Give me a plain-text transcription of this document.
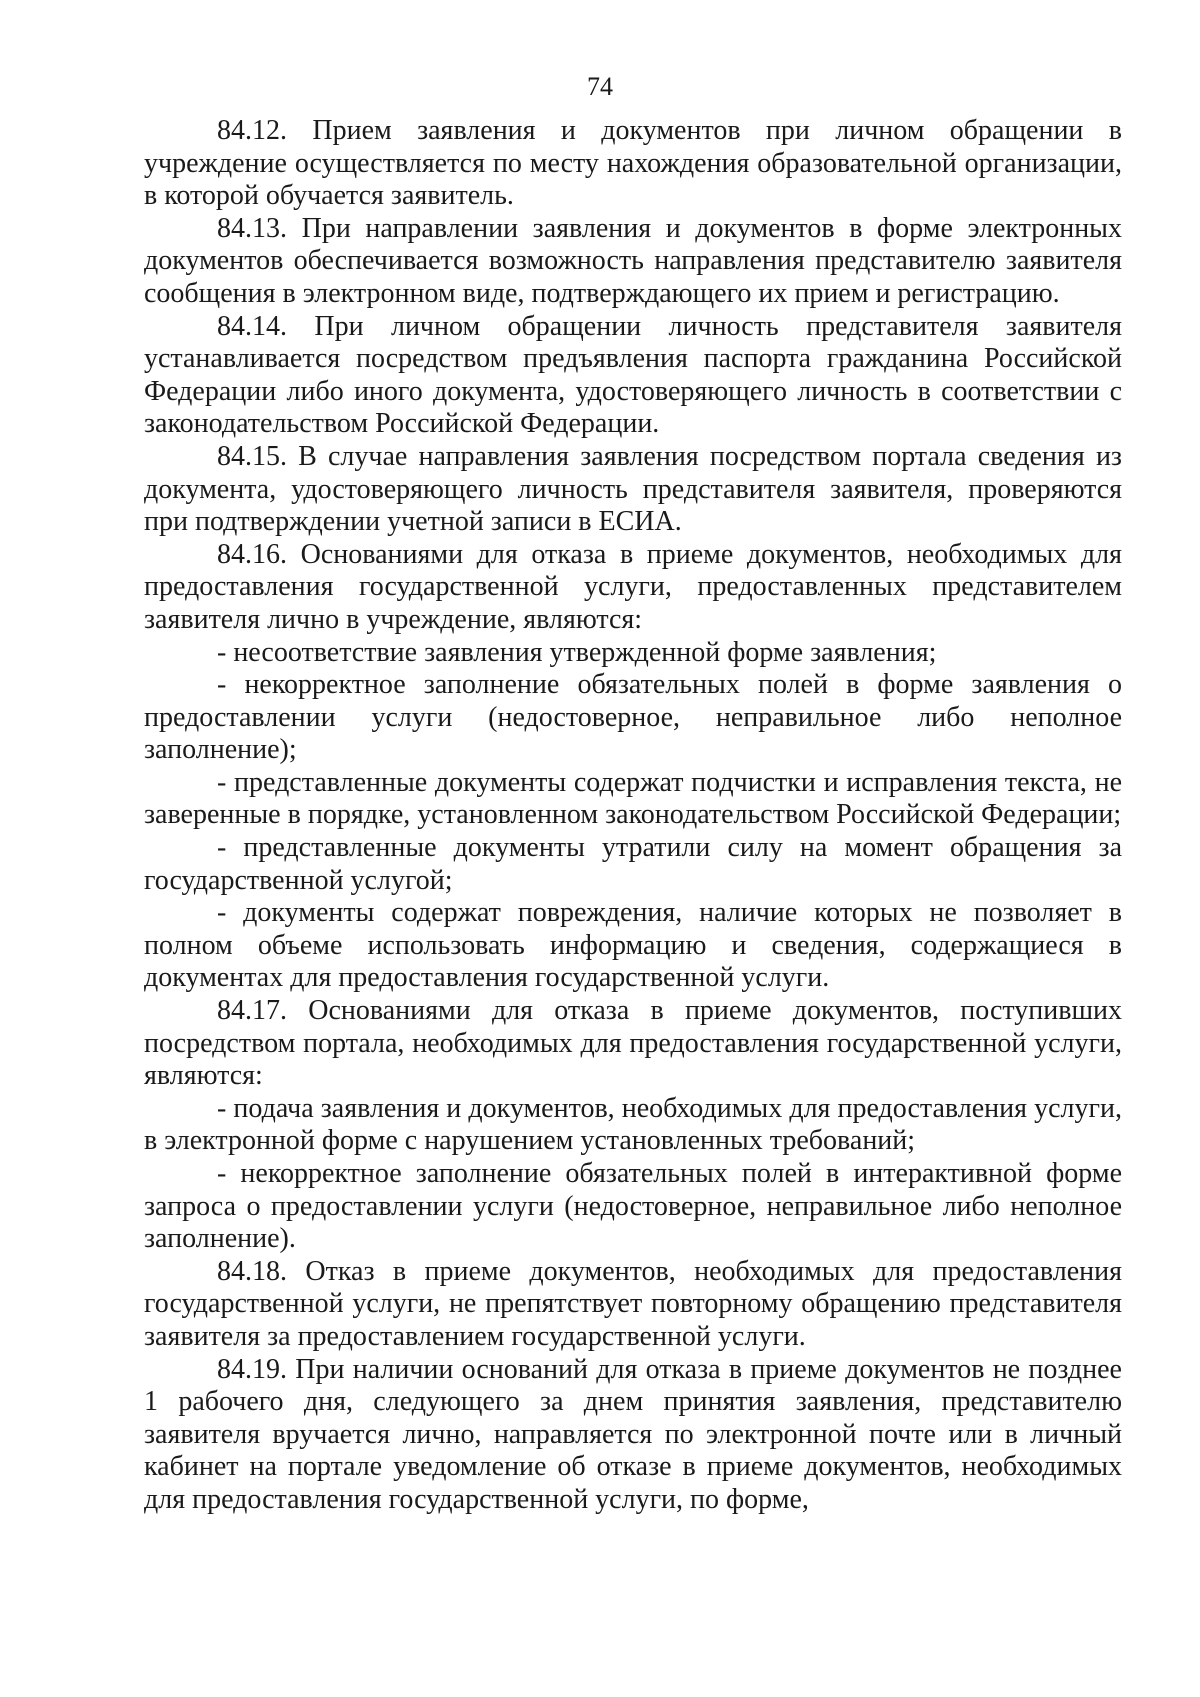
74

84.12. Прием заявления и документов при личном обращении в учреждение осуществляется по месту нахождения образовательной организации, в которой обучается заявитель.

84.13. При направлении заявления и документов в форме электронных документов обеспечивается возможность направления представителю заявителя сообщения в электронном виде, подтверждающего их прием и регистрацию.

84.14. При личном обращении личность представителя заявителя устанавливается посредством предъявления паспорта гражданина Российской Федерации либо иного документа, удостоверяющего личность в соответствии с законодательством Российской Федерации.

84.15. В случае направления заявления посредством портала сведения из документа, удостоверяющего личность представителя заявителя, проверяются при подтверждении учетной записи в ЕСИА.

84.16. Основаниями для отказа в приеме документов, необходимых для предоставления государственной услуги, предоставленных представителем заявителя лично в учреждение, являются:

- несоответствие заявления утвержденной форме заявления;

- некорректное заполнение обязательных полей в форме заявления о предоставлении услуги (недостоверное, неправильное либо неполное заполнение);

- представленные документы содержат подчистки и исправления текста, не заверенные в порядке, установленном законодательством Российской Федерации;

- представленные документы утратили силу на момент обращения за государственной услугой;

- документы содержат повреждения, наличие которых не позволяет в полном объеме использовать информацию и сведения, содержащиеся в документах для предоставления государственной услуги.

84.17. Основаниями для отказа в приеме документов, поступивших посредством портала, необходимых для предоставления государственной услуги, являются:

- подача заявления и документов, необходимых для предоставления услуги, в электронной форме с нарушением установленных требований;

- некорректное заполнение обязательных полей в интерактивной форме запроса о предоставлении услуги (недостоверное, неправильное либо неполное заполнение).

84.18. Отказ в приеме документов, необходимых для предоставления государственной услуги, не препятствует повторному обращению представителя заявителя за предоставлением государственной услуги.

84.19. При наличии оснований для отказа в приеме документов не позднее 1 рабочего дня, следующего за днем принятия заявления, представителю заявителя вручается лично, направляется по электронной почте или в личный кабинет на портале уведомление об отказе в приеме документов, необходимых для предоставления государственной услуги, по форме,
